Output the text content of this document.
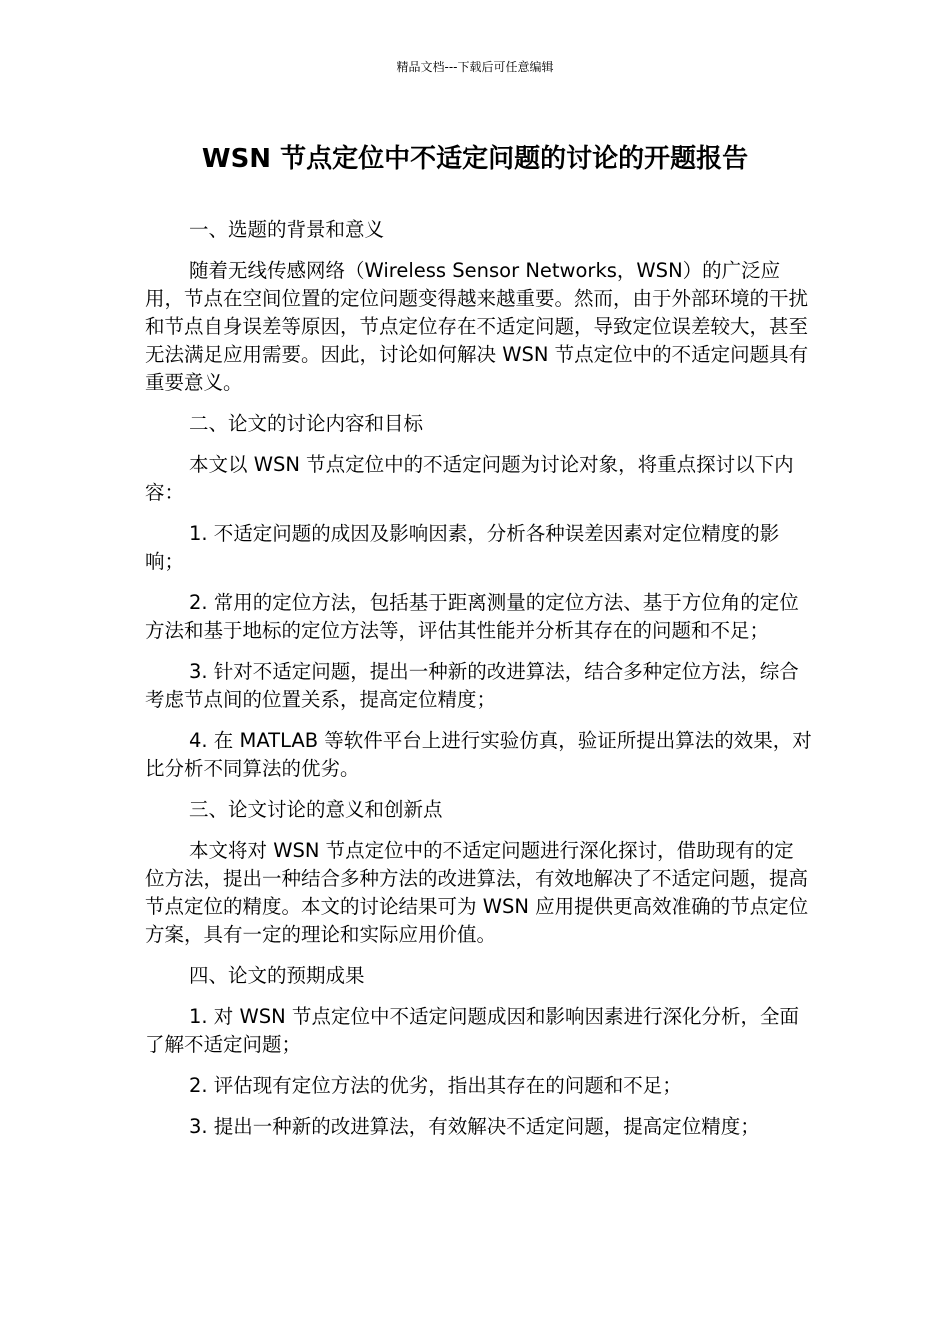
精品文档---下载后可任意编辑
WSN 节点定位中不适定问题的讨论的开题报告

一、选题的背景和意义

随着无线传感网络（Wireless Sensor Networks，WSN）的广泛应用，节点在空间位置的定位问题变得越来越重要。然而，由于外部环境的干扰和节点自身误差等原因，节点定位存在不适定问题，导致定位误差较大，甚至无法满足应用需要。因此，讨论如何解决 WSN 节点定位中的不适定问题具有重要意义。

二、论文的讨论内容和目标

本文以 WSN 节点定位中的不适定问题为讨论对象，将重点探讨以下内容：

1. 不适定问题的成因及影响因素，分析各种误差因素对定位精度的影响；

2. 常用的定位方法，包括基于距离测量的定位方法、基于方位角的定位方法和基于地标的定位方法等，评估其性能并分析其存在的问题和不足；

3. 针对不适定问题，提出一种新的改进算法，结合多种定位方法，综合考虑节点间的位置关系，提高定位精度；

4. 在 MATLAB 等软件平台上进行实验仿真，验证所提出算法的效果，对比分析不同算法的优劣。

三、论文讨论的意义和创新点

本文将对 WSN 节点定位中的不适定问题进行深化探讨，借助现有的定位方法，提出一种结合多种方法的改进算法，有效地解决了不适定问题，提高节点定位的精度。本文的讨论结果可为 WSN 应用提供更高效准确的节点定位方案，具有一定的理论和实际应用价值。

四、论文的预期成果

1. 对 WSN 节点定位中不适定问题成因和影响因素进行深化分析，全面了解不适定问题；

2. 评估现有定位方法的优劣，指出其存在的问题和不足；

3. 提出一种新的改进算法，有效解决不适定问题，提高定位精度；
